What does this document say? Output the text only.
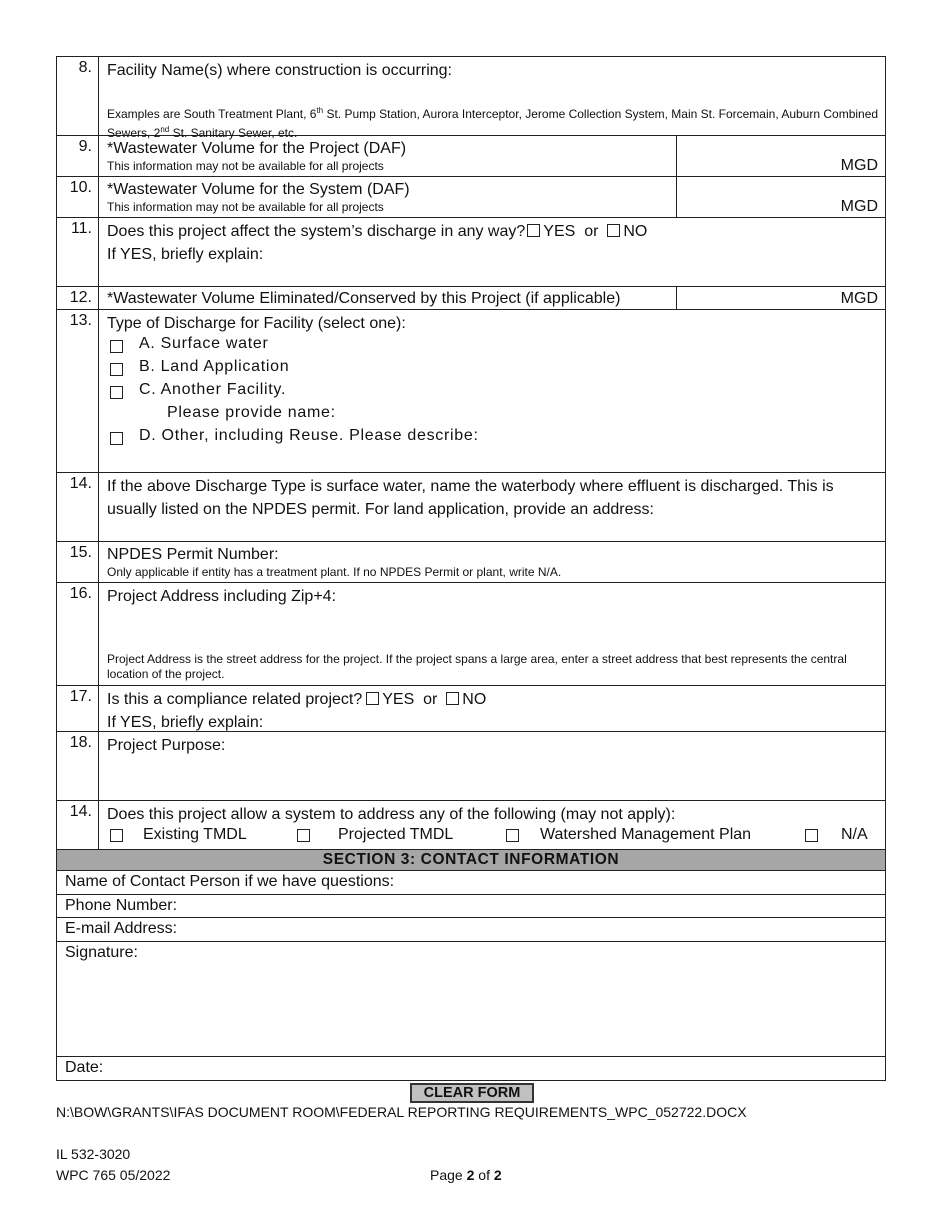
8. Facility Name(s) where construction is occurring:
Examples are South Treatment Plant, 6th St. Pump Station, Aurora Interceptor, Jerome Collection System, Main St. Forcemain, Auburn Combined Sewers, 2nd St. Sanitary Sewer, etc.
9. *Wastewater Volume for the Project (DAF)
This information may not be available for all projects	MGD
10. *Wastewater Volume for the System (DAF)
This information may not be available for all projects	MGD
11. Does this project affect the system’s discharge in any way? YES or NO
If YES, briefly explain:
12. *Wastewater Volume Eliminated/Conserved by this Project (if applicable)	MGD
13. Type of Discharge for Facility (select one):
A. Surface water
B. Land Application
C. Another Facility.
Please provide name:
D. Other, including Reuse. Please describe:
14. If the above Discharge Type is surface water, name the waterbody where effluent is discharged. This is usually listed on the NPDES permit. For land application, provide an address:
15. NPDES Permit Number:
Only applicable if entity has a treatment plant. If no NPDES Permit or plant, write N/A.
16. Project Address including Zip+4:
Project Address is the street address for the project. If the project spans a large area, enter a street address that best represents the central location of the project.
17. Is this a compliance related project? YES or NO
If YES, briefly explain:
18. Project Purpose:
14. Does this project allow a system to address any of the following (may not apply):
Existing TMDL	Projected TMDL	Watershed Management Plan	N/A
SECTION 3: CONTACT INFORMATION
Name of Contact Person if we have questions:
Phone Number:
E-mail Address:
Signature:
Date:
CLEAR FORM
N:\BOW\GRANTS\IFAS DOCUMENT ROOM\FEDERAL REPORTING REQUIREMENTS_WPC_052722.DOCX
IL 532-3020
WPC 765 05/2022	Page 2 of 2
